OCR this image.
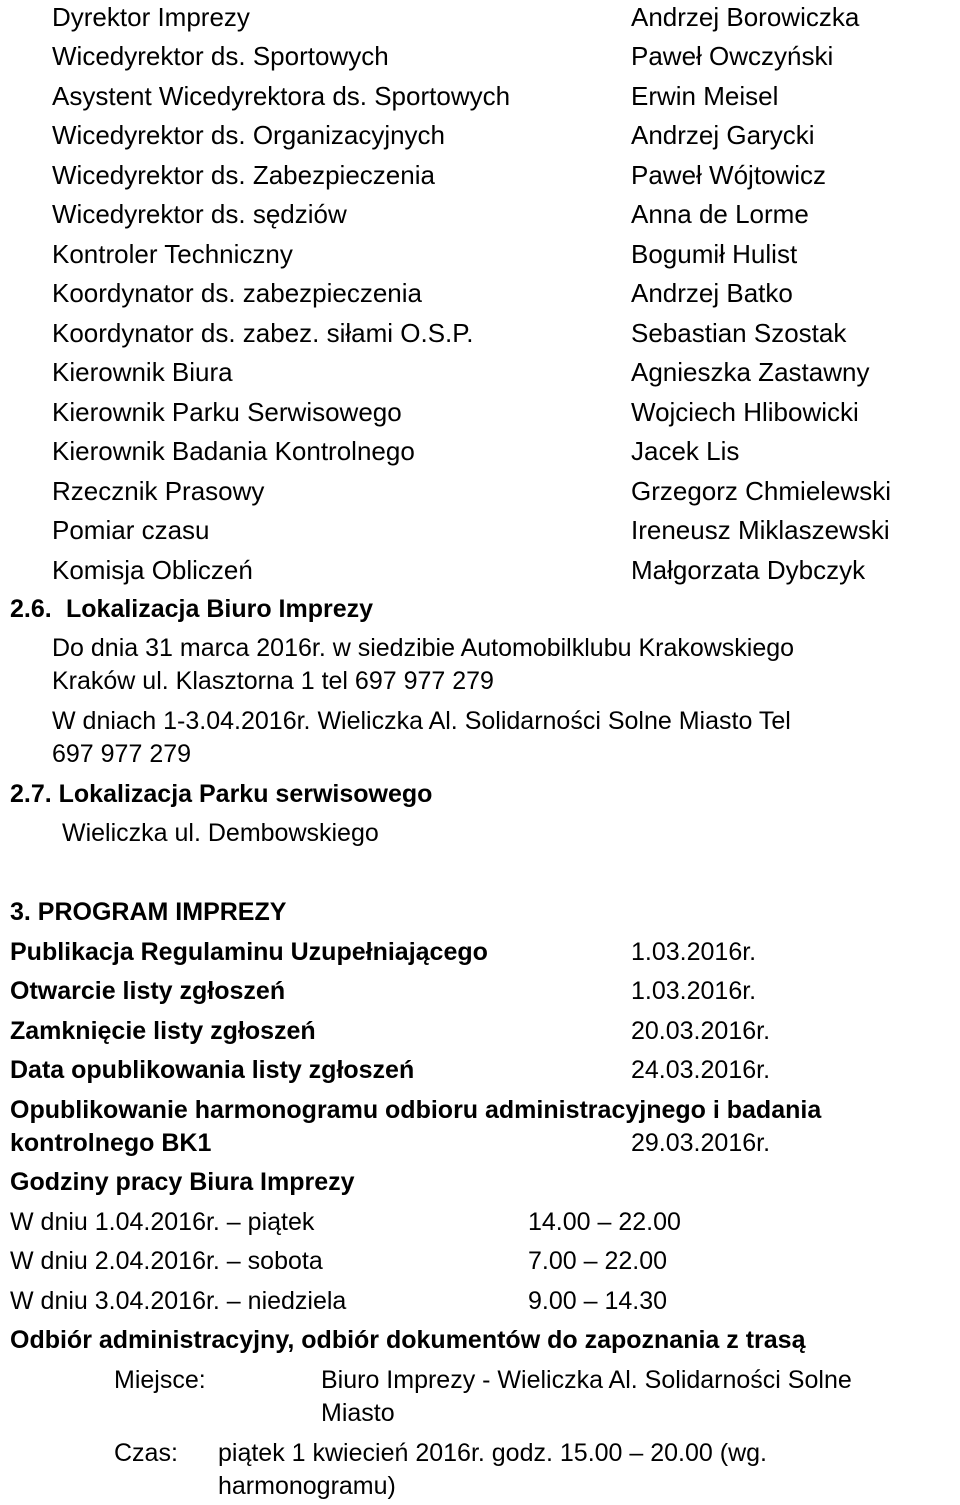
Dyrektor Imprezy	Andrzej Borowiczka
Wicedyrektor ds. Sportowych	Paweł Owczyński
Asystent Wicedyrektora ds. Sportowych	Erwin Meisel
Wicedyrektor ds. Organizacyjnych	Andrzej Garycki
Wicedyrektor ds. Zabezpieczenia	Paweł Wójtowicz
Wicedyrektor ds. sędziów	Anna de Lorme
Kontroler Techniczny	Bogumił Hulist
Koordynator ds. zabezpieczenia	Andrzej Batko
Koordynator ds. zabez. siłami O.S.P.	Sebastian Szostak
Kierownik Biura	Agnieszka Zastawny
Kierownik Parku Serwisowego	Wojciech Hlibowicki
Kierownik Badania Kontrolnego	Jacek Lis
Rzecznik Prasowy	Grzegorz Chmielewski
Pomiar czasu	Ireneusz Miklaszewski
Komisja Obliczeń	Małgorzata Dybczyk
2.6. Lokalizacja Biuro Imprezy
Do dnia 31 marca 2016r. w siedzibie Automobilklubu Krakowskiego
Kraków ul. Klasztorna 1 tel 697 977 279
W dniach 1-3.04.2016r. Wieliczka Al. Solidarności Solne Miasto Tel
697 977 279
2.7. Lokalizacja Parku serwisowego
Wieliczka ul. Dembowskiego
3. PROGRAM IMPREZY
Publikacja Regulaminu Uzupełniającego	1.03.2016r.
Otwarcie listy zgłoszeń	1.03.2016r.
Zamknięcie listy zgłoszeń	20.03.2016r.
Data opublikowania listy zgłoszeń	24.03.2016r.
Opublikowanie harmonogramu odbioru administracyjnego i badania
kontrolnego BK1	29.03.2016r.
Godziny pracy Biura Imprezy
W dniu 1.04.2016r. – piątek	14.00 – 22.00
W dniu 2.04.2016r. – sobota	7.00 – 22.00
W dniu 3.04.2016r. – niedziela	9.00 – 14.30
Odbiór administracyjny, odbiór dokumentów do zapoznania z trasą
Miejsce:	Biuro Imprezy - Wieliczka Al. Solidarności Solne
Miasto
Czas: piątek 1 kwiecień 2016r. godz. 15.00 – 20.00 (wg.
harmonogramu)
